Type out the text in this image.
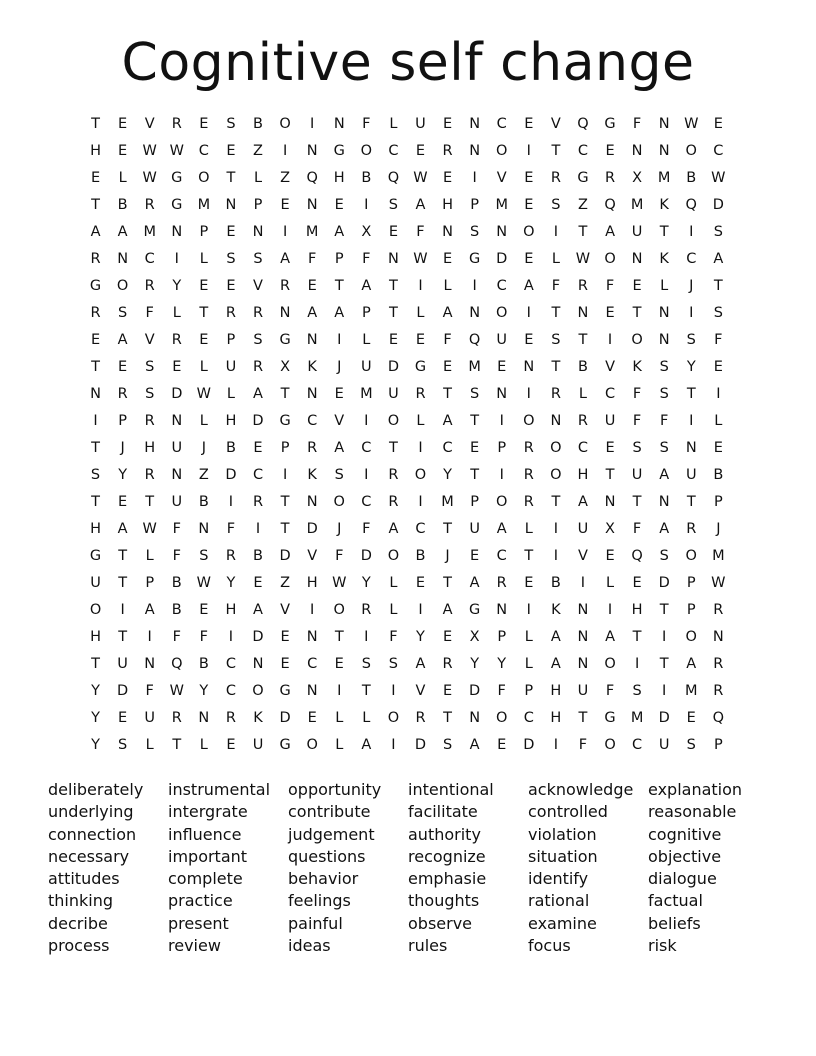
Cognitive self change
T	E	V	R	E	S	B	O	I	N	F	L	U	E	N	C	E	V	Q	G	F	N W	E
H	E	W W	C	E	Z	I	N	G	O	C	E	R	N	O	I	T	C	E	N	N	O	C
E	L	W G	O	T	L	Z	Q	H	B	Q W	E	I	V	E	R	G	R	X	M	B	W
T	B	R	G	M	N	P	E	N	E	I	S	A	H	P	M	E	S	Z	Q	M	K	Q	D
A	A	M	N	P	E	N	I	M	A	X	E	F	N	S	N	O	I	T	A	U	T	I	S
R	N	C	I	L	S	S	A	F	P	F	N W	E	G	D	E	L	W O	N	K	C	A
G	O	R	Y	E	E	V	R	E	T	A	T	I	L	I	C	A	F	R	F	E	L	J	T
R	S	F	L	T	R	R	N	A	A	P	T	L	A	N	O	I	T	N	E	T	N	I	S
E	A	V	R	E	P	S	G	N	I	L	E	E	F	Q	U	E	S	T	I	O	N	S	F
T	E	S	E	L	U	R	X	K	J	U	D	G	E	M	E	N	T	B	V	K	S	Y	E
N	R	S	D W	L	A	T	N	E	M	U	R	T	S	N	I	R	L	C	F	S	T	I
I	P	R	N	L	H	D	G	C	V	I	O	L	A	T	I	O	N	R	U	F	F	I	L
T	J	H	U	J	B	E	P	R	A	C	T	I	C	E	P	R	O	C	E	S	S	N	E
S	Y	R	N	Z	D	C	I	K	S	I	R	O	Y	T	I	R	O	H	T	U	A	U	B
T	E	T	U	B	I	R	T	N	O	C	R	I	M	P	O	R	T	A	N	T	N	T	P
H	A	W	F	N	F	I	T	D	J	F	A	C	T	U	A	L	I	U	X	F	A	R	J
G	T	L	F	S	R	B	D	V	F	D	O	B	J	E	C	T	I	V	E	Q	S	O	M
U	T	P	B	W	Y	E	Z	H W	Y	L	E	T	A	R	E	B	I	L	E	D	P	W
O	I	A	B	E	H	A	V	I	O	R	L	I	A	G	N	I	K	N	I	H	T	P	R
H	T	I	F	F	I	D	E	N	T	I	F	Y	E	X	P	L	A	N	A	T	I	O	N
T	U	N	Q	B	C	N	E	C	E	S	S	A	R	Y	Y	L	A	N	O	I	T	A	R
Y	D	F	W	Y	C	O	G	N	I	T	I	V	E	D	F	P	H	U	F	S	I	M	R
Y	E	U	R	N	R	K	D	E	L	L	O	R	T	N	O	C	H	T	G	M	D	E	Q
Y	S	L	T	L	E	U	G	O	L	A	I	D	S	A	E	D	I	F	O	C	U	S	P
deliberately
underlying
connection
necessary
attitudes
thinking
decribe
process
instrumental
intergrate
influence
important
complete
practice
present
review
opportunity
contribute
judgement
questions
behavior
feelings
painful
ideas
intentional
facilitate
authority
recognize
emphasie
thoughts
observe
rules
acknowledge
controlled
violation
situation
identify
rational
examine
focus
explanation
reasonable
cognitive
objective
dialogue
factual
beliefs
risk
